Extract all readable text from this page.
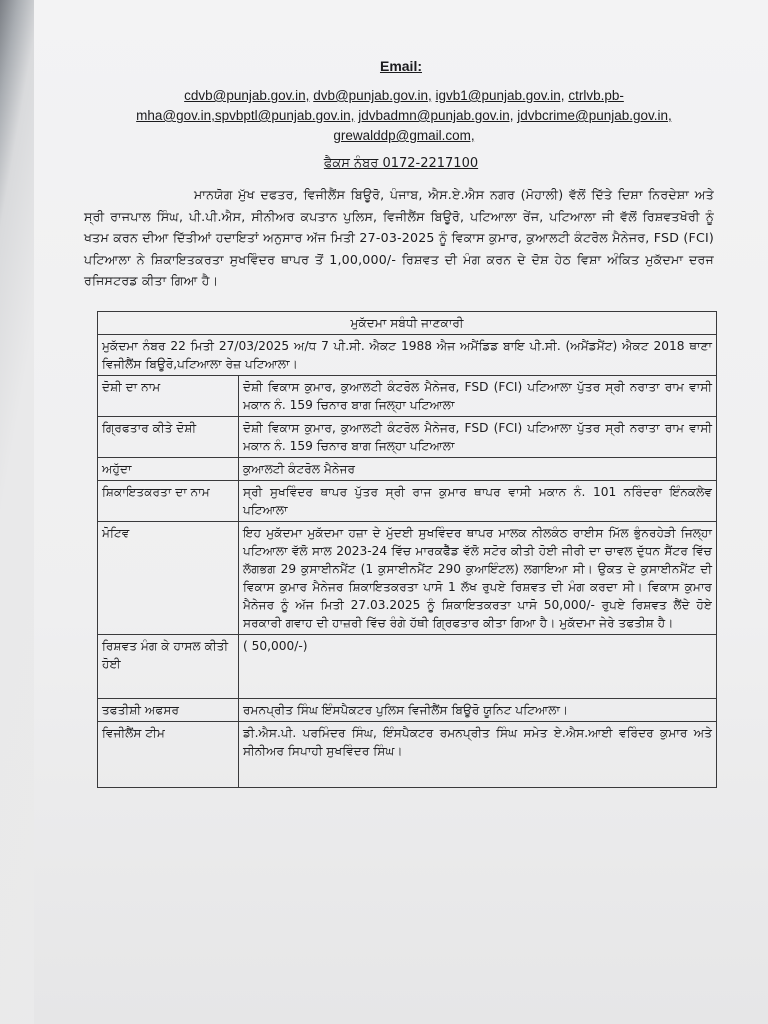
Email:
cdvb@punjab.gov.in, dvb@punjab.gov.in, igvb1@punjab.gov.in, ctrlvb.pb-mha@gov.in,spvbptl@punjab.gov.in, jdvbadmn@punjab.gov.in, jdvbcrime@punjab.gov.in,
grewalddp@gmail.com,
ਫੈਕਸ ਨੰਬਰ 0172-2217100
ਮਾਨਯੋਗ ਮੁੱਖ ਦਫਤਰ, ਵਿਜੀਲੈਂਸ ਬਿਊਰੋ, ਪੰਜਾਬ, ਐਸ.ਏ.ਐਸ ਨਗਰ (ਮੋਹਾਲੀ) ਵੱਲੋਂ ਦਿੱਤੇ ਦਿਸ਼ਾ ਨਿਰਦੇਸ਼ਾ ਅਤੇ ਸ੍ਰੀ ਰਾਜਪਾਲ ਸਿੰਘ, ਪੀ.ਪੀ.ਐਸ, ਸੀਨੀਅਰ ਕਪਤਾਨ ਪੁਲਿਸ, ਵਿਜੀਲੈਂਸ ਬਿਊਰੋ, ਪਟਿਆਲਾ ਰੇਂਜ, ਪਟਿਆਲਾ ਜੀ ਵੱਲੋਂ ਰਿਸ਼ਵਤਖੋਰੀ ਨੂੰ ਖਤਮ ਕਰਨ ਦੀਆ ਦਿੱਤੀਆਂ ਹਦਾਇਤਾਂ ਅਨੁਸਾਰ ਅੱਜ ਮਿਤੀ 27-03-2025 ਨੂੰ ਵਿਕਾਸ ਕੁਮਾਰ, ਕੁਆਲਟੀ ਕੰਟਰੋਲ ਮੈਨੇਜਰ, FSD (FCI) ਪਟਿਆਲਾ ਨੇ ਸ਼ਿਕਾਇਤਕਰਤਾ ਸੁਖਵਿੰਦਰ ਥਾਪਰ ਤੋਂ 1,00,000/- ਰਿਸ਼ਵਤ ਦੀ ਮੰਗ ਕਰਨ ਦੇ ਦੋਸ਼ ਹੇਠ ਵਿਸ਼ਾ ਅੰਕਿਤ ਮੁਕੱਦਮਾ ਦਰਜ ਰਜਿਸਟਰਡ ਕੀਤਾ ਗਿਆ ਹੈ।
ਮੁਕੱਦਮਾ ਸਬੰਧੀ ਜਾਣਕਾਰੀ	
ਮੁਕੱਦਮਾ ਨੰਬਰ 22 ਮਿਤੀ 27/03/2025 ਅ/ਧ 7 ਪੀ.ਸੀ. ਐਕਟ 1988 ਐਜ ਅਮੈਂਡਿਡ ਬਾਇ ਪੀ.ਸੀ. (ਅਮੈਂਡਮੈਂਟ) ਐਕਟ 2018 ਥਾਣਾ ਵਿਜੀਲੈਂਸ ਬਿਊਰੋ,ਪਟਿਆਲਾ ਰੇਜ਼ ਪਟਿਆਲਾ।	
ਦੋਸ਼ੀ ਦਾ ਨਾਮ	ਦੋਸ਼ੀ ਵਿਕਾਸ ਕੁਮਾਰ, ਕੁਆਲਟੀ ਕੰਟਰੋਲ ਮੈਨੇਜਰ, FSD (FCI) ਪਟਿਆਲਾ ਪੁੱਤਰ ਸ੍ਰੀ ਨਰਾਤਾ ਰਾਮ ਵਾਸੀ ਮਕਾਨ ਨੰ. 159 ਚਿਨਾਰ ਬਾਗ ਜਿਲ੍ਹਾ ਪਟਿਆਲਾ
ਗ੍ਰਿਫਤਾਰ ਕੀਤੇ ਦੋਸ਼ੀ	ਦੋਸ਼ੀ ਵਿਕਾਸ ਕੁਮਾਰ, ਕੁਆਲਟੀ ਕੰਟਰੋਲ ਮੈਨੇਜਰ, FSD (FCI) ਪਟਿਆਲਾ ਪੁੱਤਰ ਸ੍ਰੀ ਨਰਾਤਾ ਰਾਮ ਵਾਸੀ ਮਕਾਨ ਨੰ. 159 ਚਿਨਾਰ ਬਾਗ ਜਿਲ੍ਹਾ ਪਟਿਆਲਾ
ਅਹੁੱਦਾ	ਕੁਆਲਟੀ ਕੰਟਰੋਲ ਮੈਨੇਜਰ
ਸ਼ਿਕਾਇਤਕਰਤਾ ਦਾ ਨਾਮ	ਸ੍ਰੀ ਸੁਖਵਿੰਦਰ ਥਾਪਰ ਪੁੱਤਰ ਸ੍ਰੀ ਰਾਜ ਕੁਮਾਰ ਥਾਪਰ ਵਾਸੀ ਮਕਾਨ ਨੰ. 101 ਨਰਿੰਦਰਾ ਇੰਨਕਲੇਵ ਪਟਿਆਲਾ
ਮੋਟਿਵ	ਇਹ ਮੁਕੱਦਮਾ ਮੁਕੱਦਮਾ ਹਜ਼ਾ ਦੇ ਮੁੱਦਈ ਸੁਖਵਿੰਦਰ ਥਾਪਰ ਮਾਲਕ ਨੀਲਕੰਠ ਰਾਈਸ ਮਿੱਲ ਭੁੰਨਰਹੇੜੀ ਜਿਲ੍ਹਾ ਪਟਿਆਲਾ ਵੱਲੋ ਸਾਲ 2023-24 ਵਿੱਚ ਮਾਰਕਫੈੱਡ ਵੱਲੋ ਸਟੋਰ ਕੀਤੀ ਹੋਈ ਜੀਰੀ ਦਾ ਚਾਵਲ ਦੁੱਧਨ ਸੈਂਟਰ ਵਿੱਚ ਲੱਗਭਗ 29 ਕੁਸਾਈਨਮੈਂਟ (1 ਕੁਸਾਈਨਮੈਂਟ 290 ਕੁਆਇੰਟਲ) ਲਗਾਇਆ ਸੀ। ਉਕਤ ਦੇ ਕੁਸਾਈਨਮੈਂਟ ਦੀ ਵਿਕਾਸ ਕੁਮਾਰ ਮੈਨੇਜਰ ਸ਼ਿਕਾਇਤਕਰਤਾ ਪਾਸੋ 1 ਲੱਖ ਰੁਪਏ ਰਿਸ਼ਵਤ ਦੀ ਮੰਗ ਕਰਦਾ ਸੀ। ਵਿਕਾਸ ਕੁਮਾਰ ਮੈਨੇਜਰ ਨੂੰ ਅੱਜ ਮਿਤੀ 27.03.2025 ਨੂੰ ਸ਼ਿਕਾਇਤਕਰਤਾ ਪਾਸੋ 50,000/- ਰੁਪਏ ਰਿਸ਼ਵਤ ਲੈਂਦੇ ਹੋਏ ਸਰਕਾਰੀ ਗਵਾਹ ਦੀ ਹਾਜ਼ਰੀ ਵਿੱਚ ਰੰਗੇ ਹੱਥੀ ਗ੍ਰਿਫਤਾਰ ਕੀਤਾ ਗਿਆ ਹੈ। ਮੁਕੱਦਮਾ ਜੇਰੇ ਤਫਤੀਸ਼ ਹੈ।
ਰਿਸ਼ਵਤ ਮੰਗ ਕੇ ਹਾਸਲ ਕੀਤੀ ਹੋਈ	( 50,000/-)
ਤਫਤੀਸ਼ੀ ਅਫਸਰ	ਰਮਨਪ੍ਰੀਤ ਸਿੰਘ ਇੰਸਪੈਕਟਰ ਪੁਲਿਸ ਵਿਜੀਲੈਂਸ ਬਿਊਰੋ ਯੂਨਿਟ ਪਟਿਆਲਾ।
ਵਿਜੀਲੈਂਸ ਟੀਮ	ਡੀ.ਐਸ.ਪੀ. ਪਰਮਿੰਦਰ ਸਿੰਘ, ਇੰਸਪੈਕਟਰ ਰਮਨਪ੍ਰੀਤ ਸਿੰਘ ਸਮੇਤ ਏ.ਐਸ.ਆਈ ਵਰਿੰਦਰ ਕੁਮਾਰ ਅਤੇ ਸੀਨੀਅਰ ਸਿਪਾਹੀ ਸੁਖਵਿੰਦਰ ਸਿੰਘ।
